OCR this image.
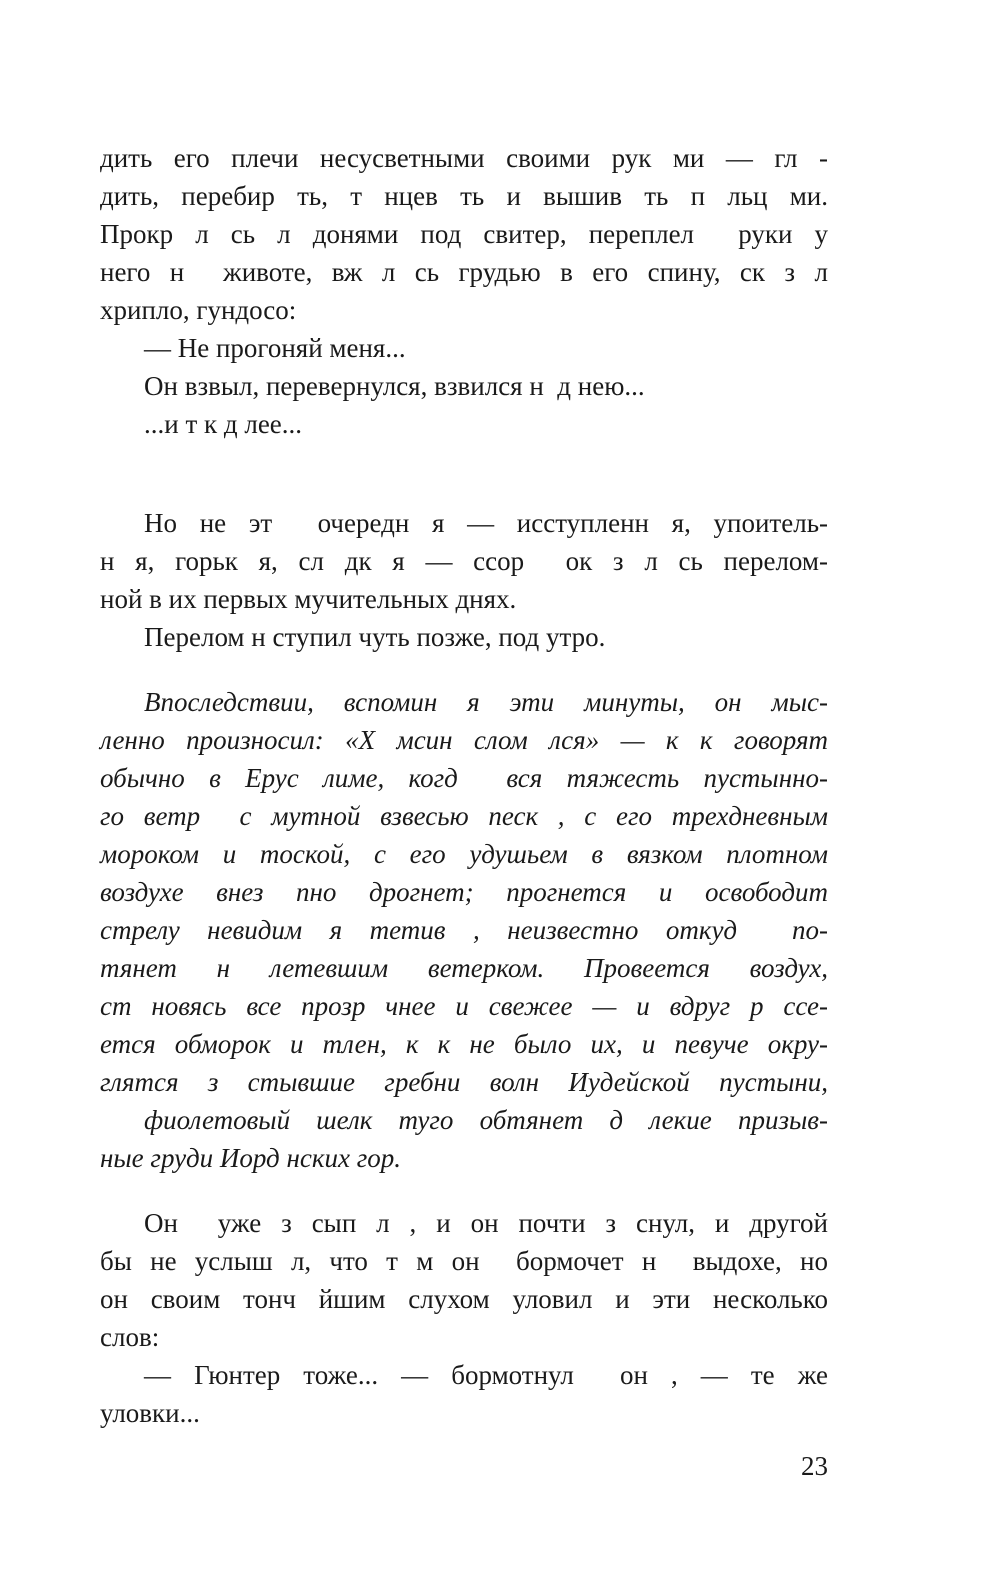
дить его плечи несусветными своими рук ми — гл -
дить, перебир ть, т нцев ть и вышив ть п льц ми.
Прокр л сь л донями под свитер, переплел  руки у
него н  животе, вж л сь грудью в его спину, ск з л
хрипло, гундосо:
— Не прогоняй меня...
Он взвыл, перевернулся, взвился н  д нею...
...и т к д лее...
Но не эт  очередн я — исступленн я, упоитель-
н я, горьк я, сл дк я — ссор  ок з л сь перелом-
ной в их первых мучительных днях.
Перелом н ступил чуть позже, под утро.
Впоследствии, вспомин я эти минуты, он мыс-
ленно произносил: «Х мсин слом лся» — к к говорят
обычно в Ерус лиме, когд  вся тяжесть пустынно-
го ветр  с мутной взвесью песк , с его трехдневным
мороком и тоской, с его удушьем в вязком плотном
воздухе внез пно дрогнет; прогнется и освободит
стрелу невидим я тетив , неизвестно откуд  по-
тянет н летевшим ветерком. Провеется воздух,
ст новясь все прозр чнее и свежее — и вдруг р ссе-
ется обморок и тлен, к к не было их, и певуче окру-
глятся з стывшие гребни волн Иудейской пустыни,
фиолетовый шелк туго обтянет д лекие призыв-
ные груди Иорд нских гор.
Он  уже з сып л , и он почти з снул, и другой
бы не услыш л, что т м он  бормочет н  выдохе, но
он своим тонч йшим слухом уловил и эти несколько
слов:
— Гюнтер тоже... — бормотнул  он , — те же
уловки...
23
